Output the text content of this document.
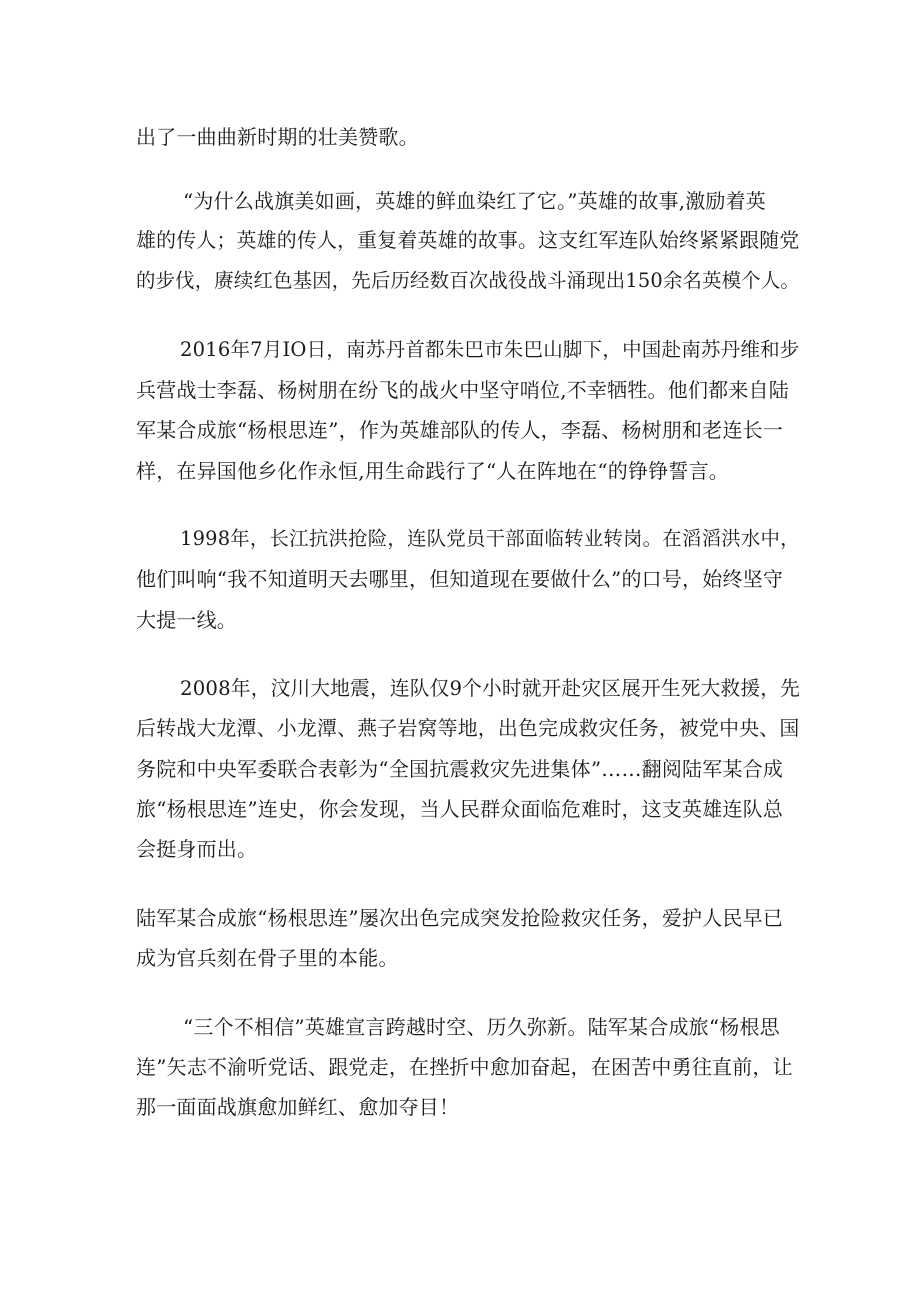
出了一曲曲新时期的壮美赞歌。
“为什么战旗美如画，英雄的鲜血染红了它。”英雄的故事,激励着英
雄的传人；英雄的传人，重复着英雄的故事。这支红军连队始终紧紧跟随党
的步伐，赓续红色基因，先后历经数百次战役战斗涌现出150余名英模个人。
2016年7月IO日，南苏丹首都朱巴市朱巴山脚下，中国赴南苏丹维和步
兵营战士李磊、杨树朋在纷飞的战火中坚守哨位,不幸牺牲。他们都来自陆
军某合成旅“杨根思连”，作为英雄部队的传人，李磊、杨树朋和老连长一
样，在异国他乡化作永恒,用生命践行了“人在阵地在“的铮铮誓言。
1998年，长江抗洪抢险，连队党员干部面临转业转岗。在滔滔洪水中，
他们叫响“我不知道明天去哪里，但知道现在要做什么”的口号，始终坚守
大提一线。
2008年，汶川大地震，连队仅9个小时就开赴灾区展开生死大救援，先
后转战大龙潭、小龙潭、燕子岩窝等地，出色完成救灾任务，被党中央、国
务院和中央军委联合表彰为“全国抗震救灾先进集体”……翻阅陆军某合成
旅“杨根思连”连史，你会发现，当人民群众面临危难时，这支英雄连队总
会挺身而出。
陆军某合成旅“杨根思连”屡次出色完成突发抢险救灾任务，爱护人民早已
成为官兵刻在骨子里的本能。
“三个不相信”英雄宣言跨越时空、历久弥新。陆军某合成旅“杨根思
连”矢志不渝听党话、跟党走，在挫折中愈加奋起，在困苦中勇往直前，让
那一面面战旗愈加鲜红、愈加夺目！
